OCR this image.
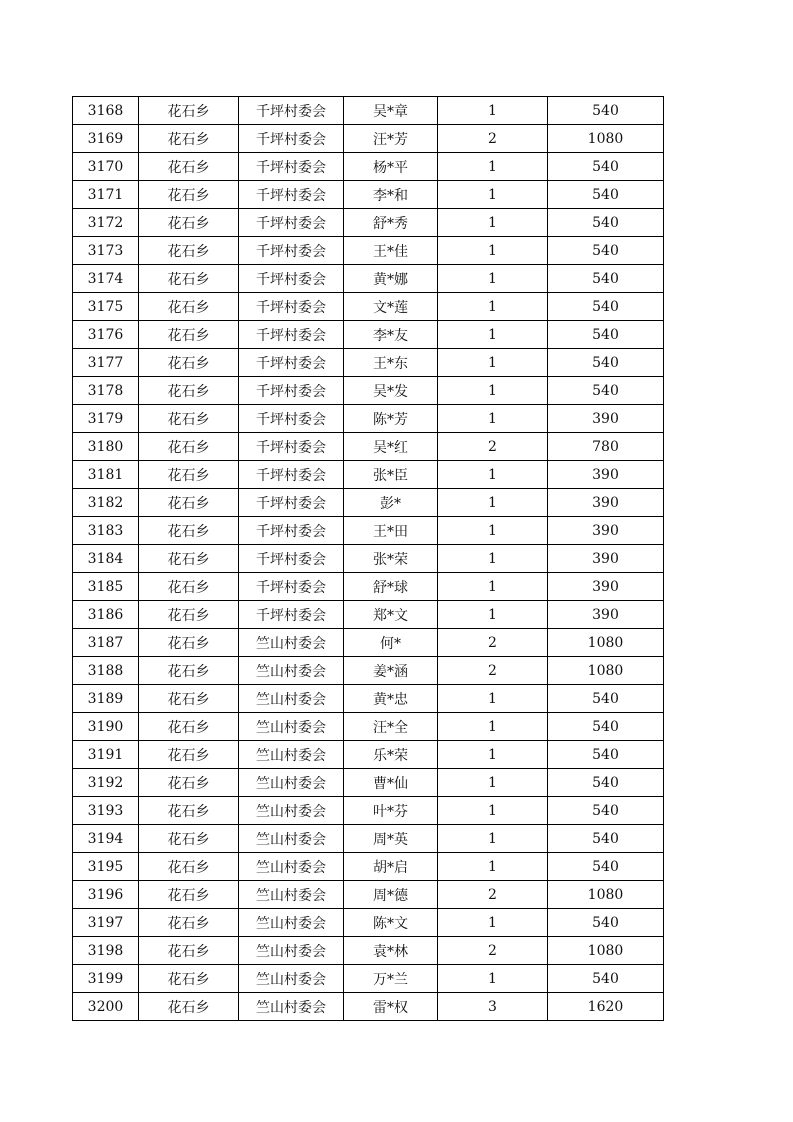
3168	花石乡	千坪村委会	吴*章	1	540
3169	花石乡	千坪村委会	汪*芳	2	1080
3170	花石乡	千坪村委会	杨*平	1	540
3171	花石乡	千坪村委会	李*和	1	540
3172	花石乡	千坪村委会	舒*秀	1	540
3173	花石乡	千坪村委会	王*佳	1	540
3174	花石乡	千坪村委会	黄*娜	1	540
3175	花石乡	千坪村委会	文*莲	1	540
3176	花石乡	千坪村委会	李*友	1	540
3177	花石乡	千坪村委会	王*东	1	540
3178	花石乡	千坪村委会	吴*发	1	540
3179	花石乡	千坪村委会	陈*芳	1	390
3180	花石乡	千坪村委会	吴*红	2	780
3181	花石乡	千坪村委会	张*臣	1	390
3182	花石乡	千坪村委会	彭*	1	390
3183	花石乡	千坪村委会	王*田	1	390
3184	花石乡	千坪村委会	张*荣	1	390
3185	花石乡	千坪村委会	舒*球	1	390
3186	花石乡	千坪村委会	郑*文	1	390
3187	花石乡	竺山村委会	何*	2	1080
3188	花石乡	竺山村委会	姜*涵	2	1080
3189	花石乡	竺山村委会	黄*忠	1	540
3190	花石乡	竺山村委会	汪*全	1	540
3191	花石乡	竺山村委会	乐*荣	1	540
3192	花石乡	竺山村委会	曹*仙	1	540
3193	花石乡	竺山村委会	叶*芬	1	540
3194	花石乡	竺山村委会	周*英	1	540
3195	花石乡	竺山村委会	胡*启	1	540
3196	花石乡	竺山村委会	周*德	2	1080
3197	花石乡	竺山村委会	陈*文	1	540
3198	花石乡	竺山村委会	袁*林	2	1080
3199	花石乡	竺山村委会	万*兰	1	540
3200	花石乡	竺山村委会	雷*权	3	1620
